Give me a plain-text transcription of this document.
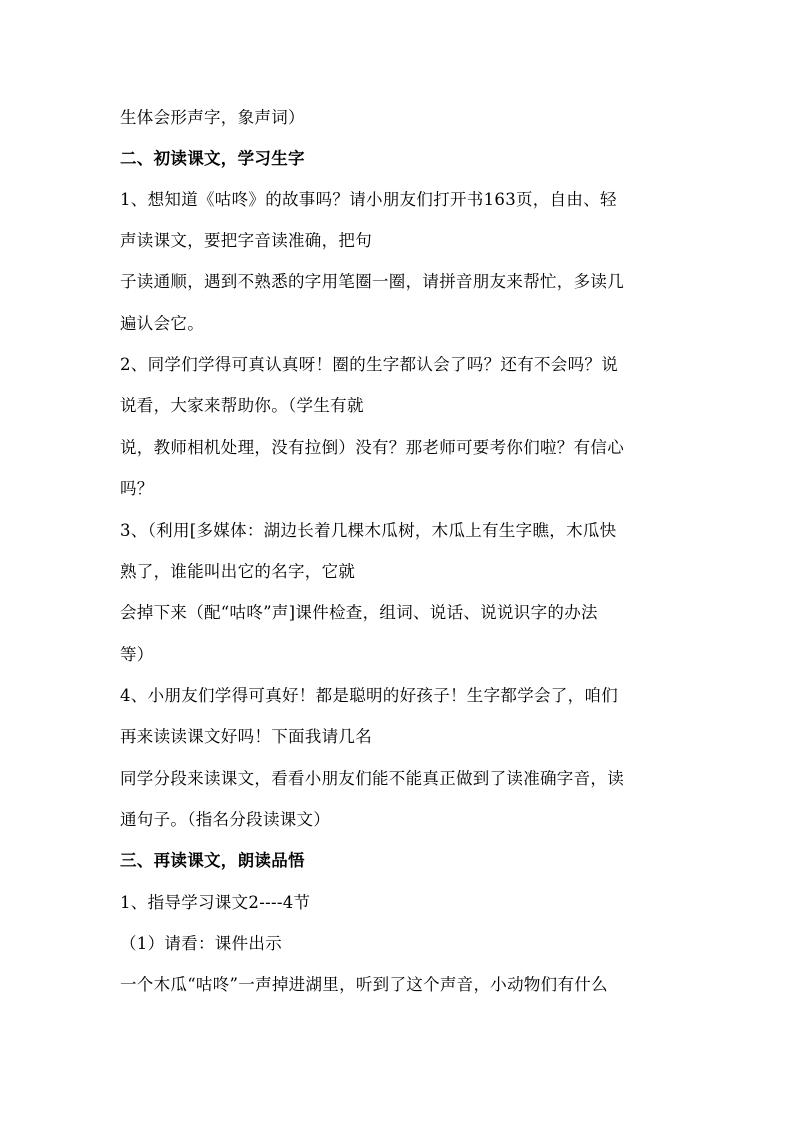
生体会形声字，象声词）
二、初读课文，学习生字
1、想知道《咕咚》的故事吗？请小朋友们打开书163页，自由、轻
声读课文，要把字音读准确，把句
子读通顺，遇到不熟悉的字用笔圈一圈，请拼音朋友来帮忙，多读几
遍认会它。
2、同学们学得可真认真呀！圈的生字都认会了吗？还有不会吗？说
说看，大家来帮助你。（学生有就
说，教师相机处理，没有拉倒）没有？那老师可要考你们啦？有信心
吗？
3、（利用[多媒体：湖边长着几棵木瓜树，木瓜上有生字瞧，木瓜快
熟了，谁能叫出它的名字，它就
会掉下来（配“咕咚”声]课件检查，组词、说话、说说识字的办法
等）
4、小朋友们学得可真好！都是聪明的好孩子！生字都学会了，咱们
再来读读课文好吗！下面我请几名
同学分段来读课文，看看小朋友们能不能真正做到了读准确字音，读
通句子。（指名分段读课文）
三、再读课文，朗读品悟
1、指导学习课文2----4节
（1）请看：课件出示
一个木瓜“咕咚”一声掉进湖里，听到了这个声音，小动物们有什么
